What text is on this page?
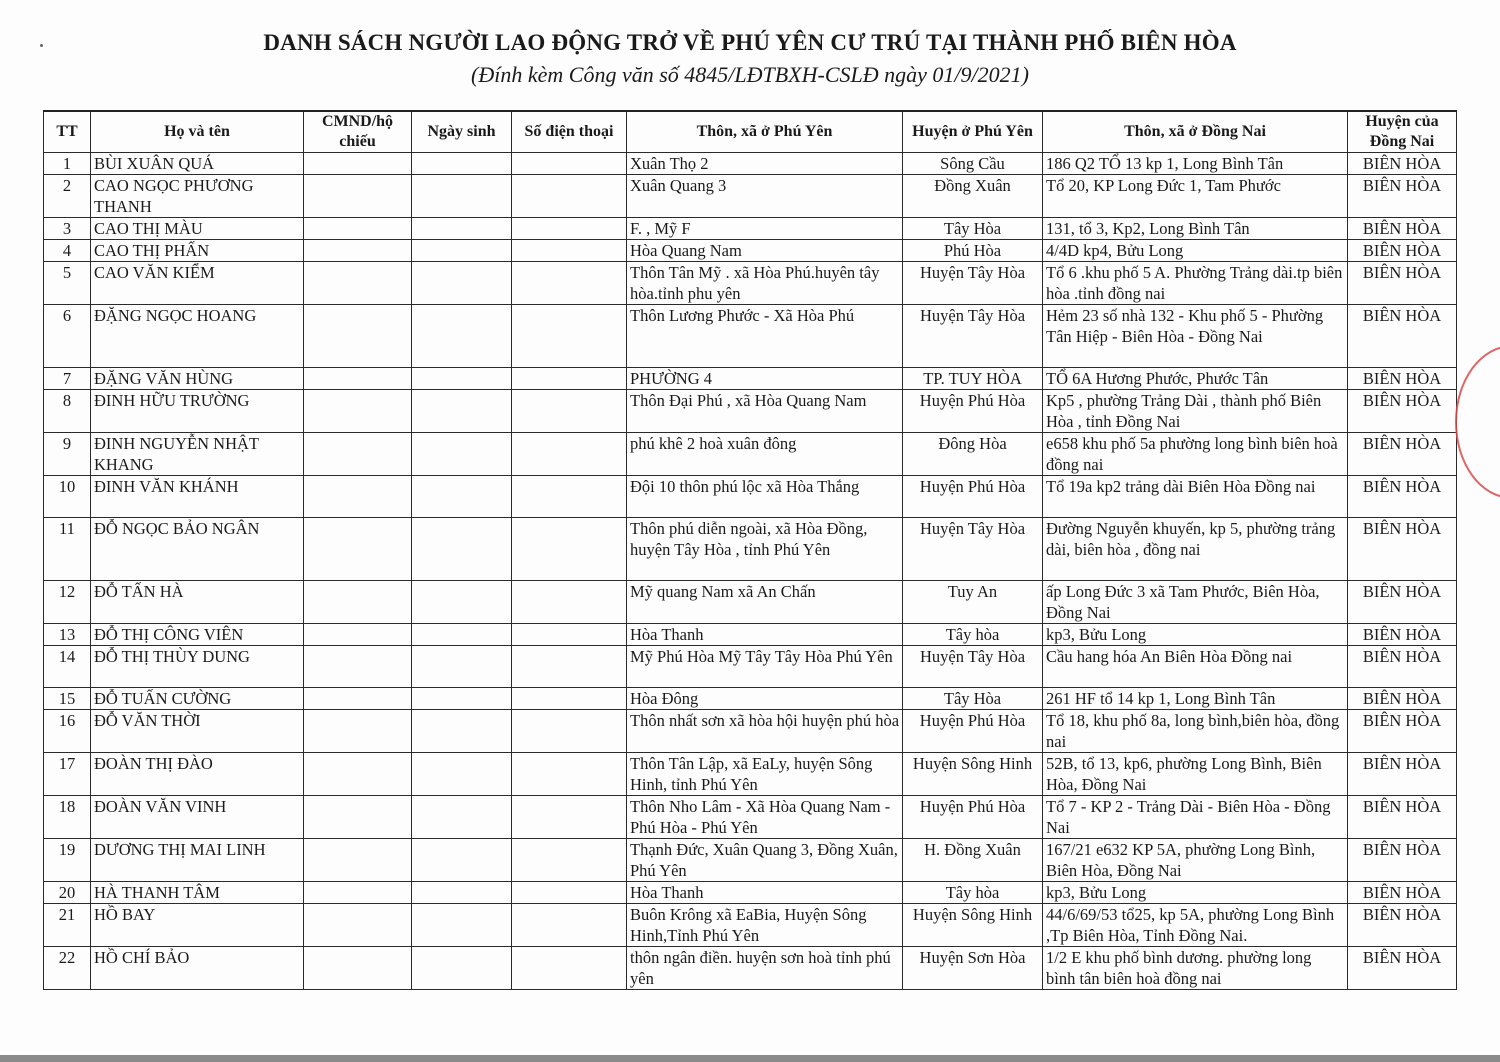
DANH SÁCH NGƯỜI LAO ĐỘNG TRỞ VỀ PHÚ YÊN CƯ TRÚ TẠI THÀNH PHỐ BIÊN HÒA
(Đính kèm Công văn số 4845/LĐTBXH-CSLĐ ngày 01/9/2021)
TT	Họ và tên	CMND/hộ chiếu	Ngày sinh	Số điện thoại	Thôn, xã ở Phú Yên	Huyện ở Phú Yên	Thôn, xã ở Đồng Nai	Huyện của Đồng Nai
1	BÙI XUÂN QUÁ				Xuân Thọ 2	Sông Cầu	186 Q2 TỔ 13 kp 1, Long Bình Tân	BIÊN HÒA
2	CAO NGỌC PHƯƠNG THANH				Xuân Quang 3	Đồng Xuân	Tổ 20, KP Long Đức 1, Tam Phước	BIÊN HÒA
3	CAO THỊ MÀU				F. , Mỹ F	Tây Hòa	131, tổ 3, Kp2, Long Bình Tân	BIÊN HÒA
4	CAO THỊ PHẤN				Hòa Quang Nam	Phú Hòa	4/4D kp4, Bửu Long	BIÊN HÒA
5	CAO VĂN KIỂM				Thôn Tân Mỹ . xã Hòa Phú.huyên tây hòa.tỉnh phu yên	Huyện Tây Hòa	Tổ 6 .khu phố 5 A. Phường Trảng dài.tp biên hòa .tỉnh đồng nai	BIÊN HÒA
6	ĐẶNG NGỌC HOANG				Thôn Lương Phước - Xã Hòa Phú	Huyện Tây Hòa	Hẻm 23 số nhà 132 - Khu phố 5 - Phường Tân Hiệp - Biên Hòa - Đồng Nai	BIÊN HÒA
7	ĐẶNG VĂN HÙNG				PHƯỜNG 4	TP. TUY HÒA	TỔ 6A Hương Phước, Phước Tân	BIÊN HÒA
8	ĐINH HỮU TRƯỜNG				Thôn Đại Phú , xã Hòa Quang Nam	Huyện Phú Hòa	Kp5 , phường Trảng Dài , thành phố Biên Hòa , tỉnh Đồng Nai	BIÊN HÒA
9	ĐINH NGUYỄN NHẬT KHANG				phú khê 2 hoà xuân đông	Đông Hòa	e658 khu phố 5a phường long bình biên hoà đồng nai	BIÊN HÒA
10	ĐINH VĂN KHÁNH				Đội 10 thôn phú lộc xã Hòa Thắng	Huyện Phú Hòa	Tổ 19a kp2 trảng dài Biên Hòa Đồng nai	BIÊN HÒA
11	ĐỖ NGỌC BẢO NGÂN				Thôn phú diễn ngoài, xã Hòa Đồng, huyện Tây Hòa , tỉnh Phú Yên	Huyện Tây Hòa	Đường Nguyễn khuyến, kp 5, phường trảng dài, biên hòa , đồng nai	BIÊN HÒA
12	ĐỖ TẤN HÀ				Mỹ quang Nam xã An Chấn	Tuy An	ấp Long Đức 3 xã Tam Phước, Biên Hòa, Đồng Nai	BIÊN HÒA
13	ĐỖ THỊ CÔNG VIÊN				Hòa Thanh	Tây hòa	kp3, Bửu Long	BIÊN HÒA
14	ĐỖ THỊ THÙY DUNG				Mỹ Phú Hòa Mỹ Tây Tây Hòa Phú Yên	Huyện Tây Hòa	Cầu hang hóa An Biên Hòa Đồng nai	BIÊN HÒA
15	ĐỖ TUẤN CƯỜNG				Hòa Đông	Tây Hòa	261 HF tổ 14 kp 1, Long Bình Tân	BIÊN HÒA
16	ĐỖ VĂN THỜI				Thôn nhất sơn xã hòa hội huyện phú hòa	Huyện Phú Hòa	Tổ 18, khu phố 8a, long bình,biên hòa, đồng nai	BIÊN HÒA
17	ĐOÀN THỊ ĐÀO				Thôn Tân Lập, xã EaLy, huyện Sông Hinh, tỉnh Phú Yên	Huyện Sông Hinh	52B, tổ 13, kp6, phường Long Bình, Biên Hòa, Đồng Nai	BIÊN HÒA
18	ĐOÀN VĂN VINH				Thôn Nho Lâm - Xã Hòa Quang Nam - Phú Hòa - Phú Yên	Huyện Phú Hòa	Tổ 7 - KP 2 - Trảng Dài - Biên Hòa - Đồng Nai	BIÊN HÒA
19	DƯƠNG THỊ MAI LINH				Thạnh Đức, Xuân Quang 3, Đồng Xuân, Phú Yên	H. Đồng Xuân	167/21 e632 KP 5A, phường Long Bình, Biên Hòa, Đồng Nai	BIÊN HÒA
20	HÀ THANH TÂM				Hòa Thanh	Tây hòa	kp3, Bửu Long	BIÊN HÒA
21	HỒ BAY				Buôn Krông xã EaBia, Huyện Sông Hinh,Tỉnh Phú Yên	Huyện Sông Hinh	44/6/69/53 tổ25, kp 5A, phường Long Bình ,Tp Biên Hòa, Tỉnh Đồng Nai.	BIÊN HÒA
22	HỒ CHÍ BẢO				thôn ngân điền. huyện sơn hoà tỉnh phú yên	Huyện Sơn Hòa	1/2 E khu phố bình dương. phường long bình tân biên hoà đồng nai	BIÊN HÒA
